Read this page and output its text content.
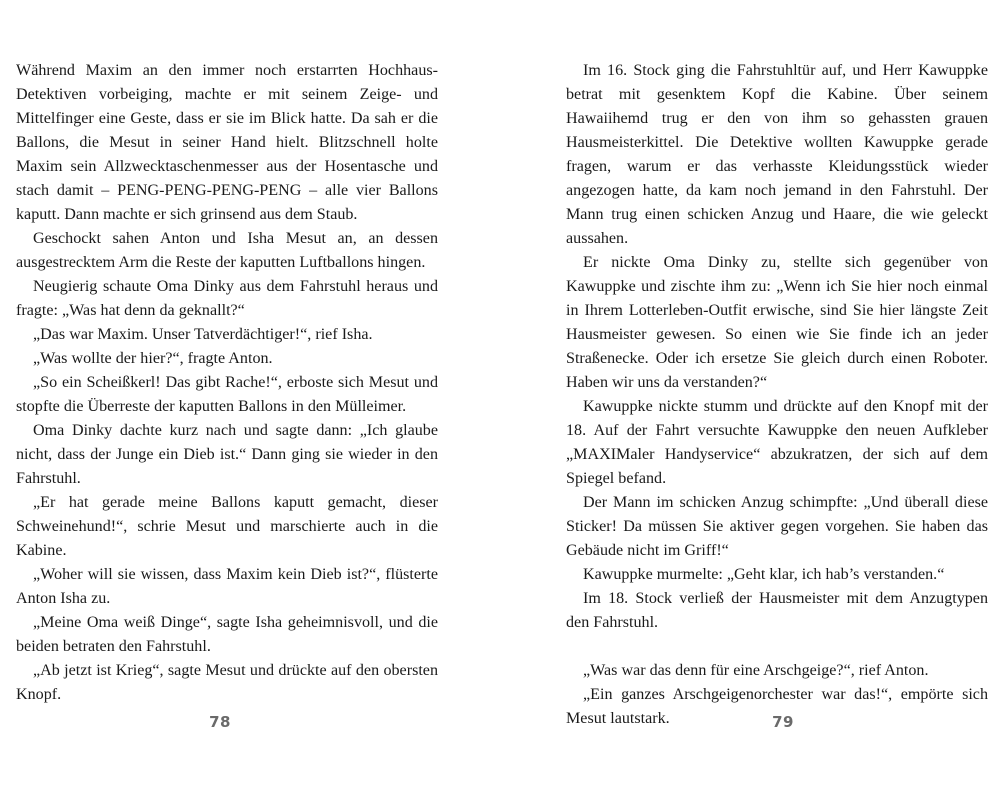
Während Maxim an den immer noch erstarrten Hochhaus-Detektiven vorbeiging, machte er mit seinem Zeige- und Mittelfinger eine Geste, dass er sie im Blick hatte. Da sah er die Ballons, die Mesut in seiner Hand hielt. Blitzschnell holte Maxim sein Allzwecktaschenmesser aus der Hosentasche und stach damit – PENG-PENG-PENG-PENG – alle vier Ballons kaputt. Dann machte er sich grinsend aus dem Staub.

Geschockt sahen Anton und Isha Mesut an, an dessen ausgestrecktem Arm die Reste der kaputten Luftballons hingen.

Neugierig schaute Oma Dinky aus dem Fahrstuhl heraus und fragte: „Was hat denn da geknallt?“

„Das war Maxim. Unser Tatverdächtiger!“, rief Isha.

„Was wollte der hier?“, fragte Anton.

„So ein Scheißkerl! Das gibt Rache!“, erboste sich Mesut und stopfte die Überreste der kaputten Ballons in den Mülleimer.

Oma Dinky dachte kurz nach und sagte dann: „Ich glaube nicht, dass der Junge ein Dieb ist.“ Dann ging sie wieder in den Fahrstuhl.

„Er hat gerade meine Ballons kaputt gemacht, dieser Schweinehund!“, schrie Mesut und marschierte auch in die Kabine.

„Woher will sie wissen, dass Maxim kein Dieb ist?“, flüsterte Anton Isha zu.

„Meine Oma weiß Dinge“, sagte Isha geheimnisvoll, und die beiden betraten den Fahrstuhl.

„Ab jetzt ist Krieg“, sagte Mesut und drückte auf den obersten Knopf.

78

Im 16. Stock ging die Fahrstuhltür auf, und Herr Kawuppke betrat mit gesenktem Kopf die Kabine. Über seinem Hawaiihemd trug er den von ihm so gehassten grauen Hausmeisterkittel. Die Detektive wollten Kawuppke gerade fragen, warum er das verhasste Kleidungsstück wieder angezogen hatte, da kam noch jemand in den Fahrstuhl. Der Mann trug einen schicken Anzug und Haare, die wie geleckt aussahen.

Er nickte Oma Dinky zu, stellte sich gegenüber von Kawuppke und zischte ihm zu: „Wenn ich Sie hier noch einmal in Ihrem Lotterleben-Outfit erwische, sind Sie hier längste Zeit Hausmeister gewesen. So einen wie Sie finde ich an jeder Straßenecke. Oder ich ersetze Sie gleich durch einen Roboter. Haben wir uns da verstanden?“

Kawuppke nickte stumm und drückte auf den Knopf mit der 18. Auf der Fahrt versuchte Kawuppke den neuen Aufkleber „MAXIMaler Handyservice“ abzukratzen, der sich auf dem Spiegel befand.

Der Mann im schicken Anzug schimpfte: „Und überall diese Sticker! Da müssen Sie aktiver gegen vorgehen. Sie haben das Gebäude nicht im Griff!“

Kawuppke murmelte: „Geht klar, ich hab’s verstanden.“

Im 18. Stock verließ der Hausmeister mit dem Anzugtypen den Fahrstuhl.

„Was war das denn für eine Arschgeige?“, rief Anton.

„Ein ganzes Arschgeigenorchester war das!“, empörte sich Mesut lautstark.	79
